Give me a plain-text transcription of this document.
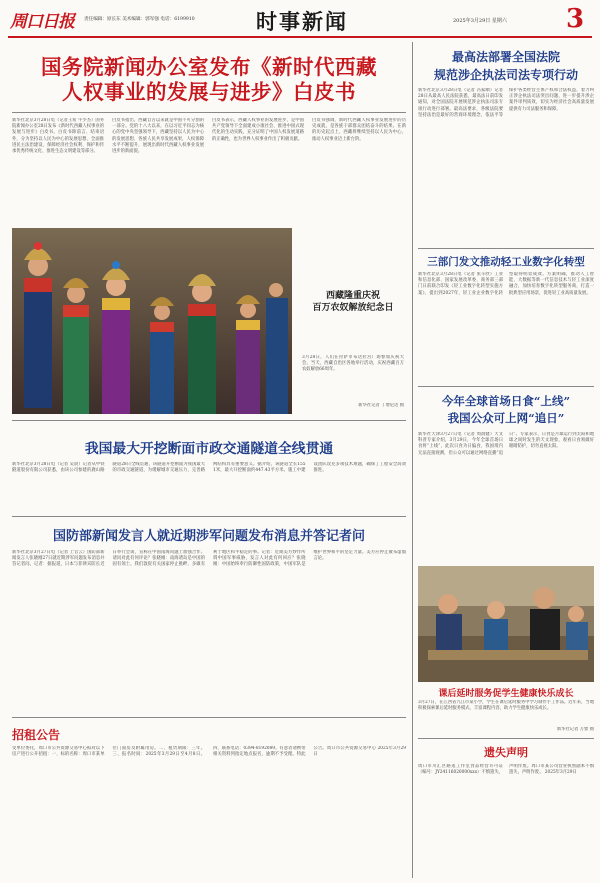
周口日报 责任编辑：原长东 美术编辑：郭军强 电话：6199910	时事新闻	2025年3月29日 星期六 3
国务院新闻办公室发布《新时代西藏
人权事业的发展与进步》白皮书
新华社北京3月28日电（记者王希 牛少杰）国务院新闻办公室28日发布《新时代西藏人权事业的发展与进步》白皮书。白皮书除前言、结束语外，分为坚持以人民为中心的发展思想、全面推进民主法治建设、保障经济社会权利、保护和传承优秀传统文化、推进生态文明建设等部分。
白皮书指出，西藏自古以来就是中国不可分割的一部分。党的十八大以来，在以习近平同志为核心的党中央坚强领导下，西藏坚持以人民为中心的发展思想，各族人民共享发展成果，人权保障水平不断提升，展现出新时代西藏人权事业发展进步的新面貌。
白皮书表示，西藏人权事业的发展进步，是中国共产党领导下全面建成小康社会、推进中国式现代化的生动实践，充分证明了中国人权发展道路的正确性，也为世界人权事业作出了积极贡献。
白皮书强调，新时代西藏人权事业发展进步的历史成就，是各族干部群众团结奋斗的结果。在新的历史起点上，西藏将继续坚持以人民为中心，推动人权事业迈上新台阶。
西藏隆重庆祝
百万农奴解放纪念日
3月28日，人们在拉萨市布达拉宫广场参加庆祝大会。当天，西藏自治区各地举行活动，庆祝西藏百万农奴解放66周年。
新华社记者 丁增尼达 摄
我国最大开挖断面市政交通隧道全线贯通
新华社北京3月28日电（记者 吴晨）记者从中铁隧道股份有限公司获悉，由该公司参建的鹿山路隧道28日全线贯通，该隧道开挖断面为我国最大的市政交通隧道，为缓解城市交通压力、完善路网结构具有重要意义。据介绍，该隧道全长1551米，最大开挖断面约447.43平方米。施工中建设团队攻克多项技术难题，确保了工程安全高效推进。
国防部新闻发言人就近期涉军问题发布消息并答记者问
新华社北京3月27日电（记者 上官云）国防部新闻发言人张晓刚27日就近期涉军问题发布消息并答记者问。记者：据报道，日本与菲律宾防长近日举行会谈，宣称在中国南海问题上加强合作。请问对此有何评论？张晓刚：南海诸岛是中国的固有领土。我们敦促有关国家停止挑衅，多做有利于地区和平稳定的事。记者：近期美方炒作所谓中国军事威胁，发言人对此有何回应？张晓刚：中国始终奉行防御性国防政策，中国军队是维护世界和平的坚定力量。美方应停止散布虚假言论。
招租公告
受单位委托，周口市公共资源交易中心拟对以下房产进行公开招租：一、标的名称：周口市某单位门面房及附属用房。二、租赁期限：三年。三、报名时间：2025年3月29日至4月8日。四、联系电话：0394-8192089。有意者请携带相关资料到指定地点报名，逾期不予受理。特此公告。周口市公共资源交易中心 2025年3月29日
最高法部署全国法院
规范涉企执法司法专项行动
新华社北京3月28日电（记者 冯家顺）记者28日从最高人民法院获悉，最高法日前印发通知，对全国法院开展规范涉企执法司法专项行动进行部署。最高法要求，各级法院要坚持法治是最好的营商环境理念，依法平等保护各类经营主体产权和合法权益，着力纠正涉企执法司法突出问题，进一步提升涉企案件审判质效，切实为经济社会高质量发展提供有力司法服务和保障。
三部门发文推动轻工业数字化转型
新华社北京3月28日电（记者 张辛欣）工业和信息化部、国家发展改革委、商务部三部门日前联合印发《轻工业数字化转型实施方案》，提出到2027年，轻工业企业数字化转型取得明显成效。方案明确，推动人工智能、大数据等新一代信息技术与轻工业深度融合，加快培育数字化转型服务商，打造一批典型应用场景，促进轻工业高质量发展。
今年全球首场日食“上线”
我国公众可上网“追日”
新华社天津3月27日电（记者 周润健）天文科普专家介绍，3月29日，今年全球首场日食将“上线”，此次日食为日偏食，我国境内无法直接观测，但公众可以通过网络直播“追日”。专家表示，日食是月球运行到太阳和地球之间时发生的天文现象，观看日食须做好眼睛防护，切勿直视太阳。
课后延时服务促学生健康快乐成长
3月27日，在江西省九江市某小学，学生在课后延时服务中学习制作手工作品。近年来，当地积极探索课后延时服务模式，丰富课程内容，助力学生健康快乐成长。
新华社记者 万象 摄
遗失声明
周口市川汇区路遥工作室食品经营许可证（编号：JY24116020000xxx）不慎遗失，声明作废。周口市某公司营业执照副本不慎遗失，声明作废。 2025年3月29日
